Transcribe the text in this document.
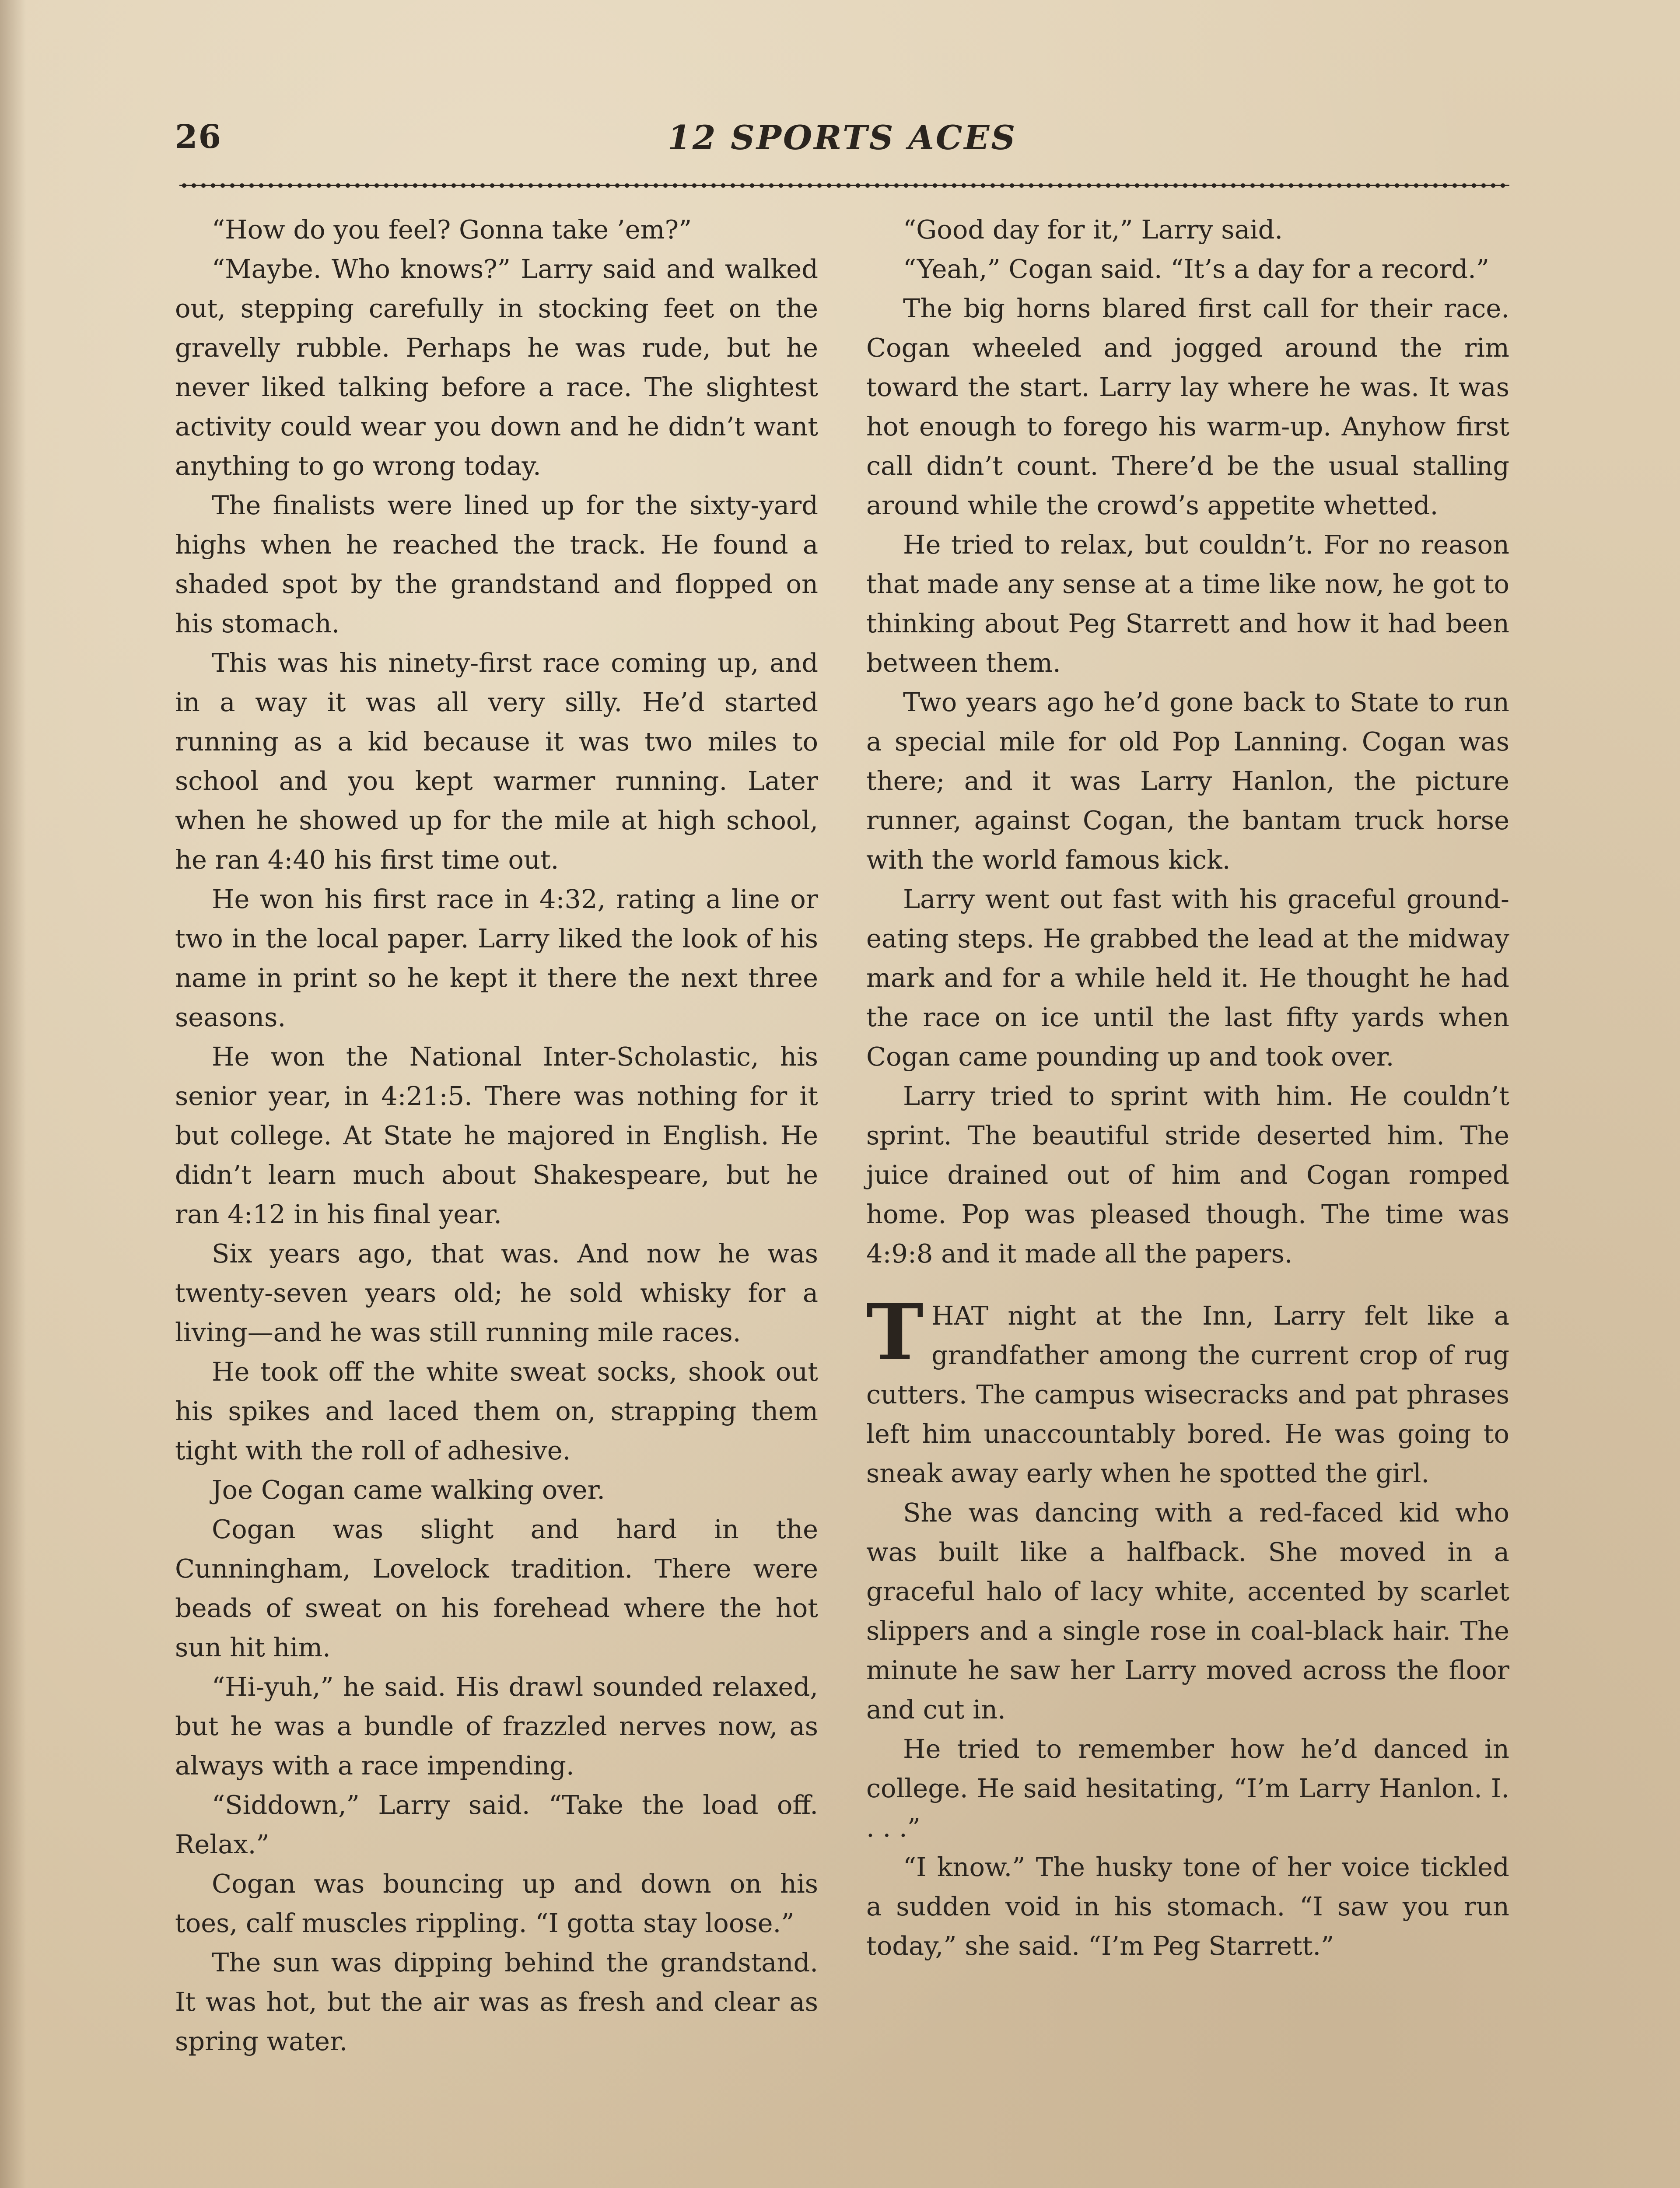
26	12 SPORTS ACES

“How do you feel? Gonna take ’em?”

“Maybe. Who knows?” Larry said and walked out, stepping carefully in stocking feet on the gravelly rubble. Perhaps he was rude, but he never liked talking before a race. The slightest activity could wear you down and he didn’t want anything to go wrong today.

The finalists were lined up for the sixty-yard highs when he reached the track. He found a shaded spot by the grandstand and flopped on his stomach.

This was his ninety-first race coming up, and in a way it was all very silly. He’d started running as a kid because it was two miles to school and you kept warmer running. Later when he showed up for the mile at high school, he ran 4:40 his first time out.

He won his first race in 4:32, rating a line or two in the local paper. Larry liked the look of his name in print so he kept it there the next three seasons.

He won the National Inter-Scholastic, his senior year, in 4:21:5. There was nothing for it but college. At State he majored in English. He didn’t learn much about Shakespeare, but he ran 4:12 in his final year.

Six years ago, that was. And now he was twenty-seven years old; he sold whisky for a living—and he was still running mile races.

He took off the white sweat socks, shook out his spikes and laced them on, strapping them tight with the roll of adhesive.

Joe Cogan came walking over.

Cogan was slight and hard in the Cunningham, Lovelock tradition. There were beads of sweat on his forehead where the hot sun hit him.

“Hi-yuh,” he said. His drawl sounded relaxed, but he was a bundle of frazzled nerves now, as always with a race impending.

“Siddown,” Larry said. “Take the load off. Relax.”

Cogan was bouncing up and down on his toes, calf muscles rippling. “I gotta stay loose.”

The sun was dipping behind the grandstand. It was hot, but the air was as fresh and clear as spring water.

“Good day for it,” Larry said.

“Yeah,” Cogan said. “It’s a day for a record.”

The big horns blared first call for their race. Cogan wheeled and jogged around the rim toward the start. Larry lay where he was. It was hot enough to forego his warm-up. Anyhow first call didn’t count. There’d be the usual stalling around while the crowd’s appetite whetted.

He tried to relax, but couldn’t. For no reason that made any sense at a time like now, he got to thinking about Peg Starrett and how it had been between them.

Two years ago he’d gone back to State to run a special mile for old Pop Lanning. Cogan was there; and it was Larry Hanlon, the picture runner, against Cogan, the bantam truck horse with the world famous kick.

Larry went out fast with his graceful ground-eating steps. He grabbed the lead at the midway mark and for a while held it. He thought he had the race on ice until the last fifty yards when Cogan came pounding up and took over.

Larry tried to sprint with him. He couldn’t sprint. The beautiful stride deserted him. The juice drained out of him and Cogan romped home. Pop was pleased though. The time was 4:9:8 and it made all the papers.

THAT night at the Inn, Larry felt like a grandfather among the current crop of rug cutters. The campus wisecracks and pat phrases left him unaccountably bored. He was going to sneak away early when he spotted the girl.

She was dancing with a red-faced kid who was built like a halfback. She moved in a graceful halo of lacy white, accented by scarlet slippers and a single rose in coal-black hair. The minute he saw her Larry moved across the floor and cut in.

He tried to remember how he’d danced in college. He said hesitating, “I’m Larry Hanlon. I. . . .”

“I know.” The husky tone of her voice tickled a sudden void in his stomach. “I saw you run today,” she said. “I’m Peg Starrett.”
